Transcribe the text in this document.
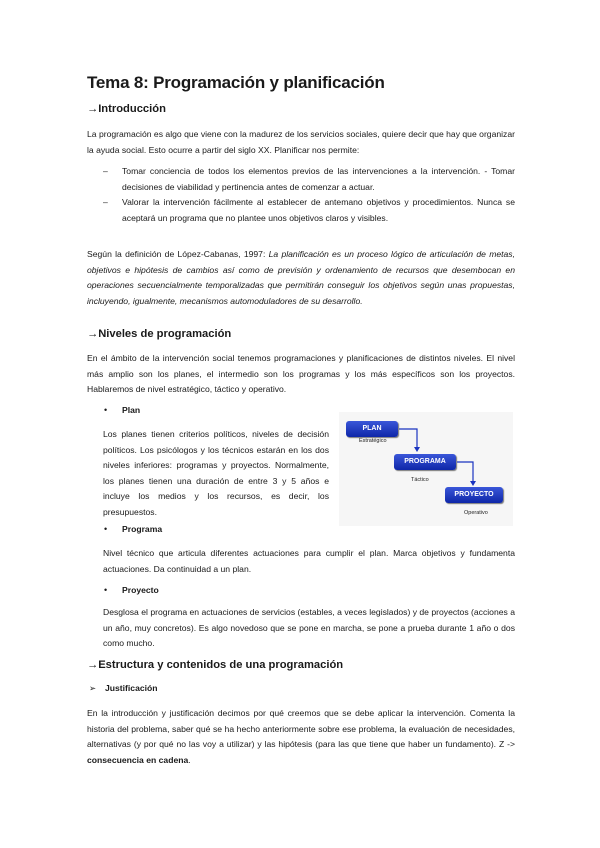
Tema 8: Programación y planificación
→Introducción
La programación es algo que viene con la madurez de los servicios sociales, quiere decir que hay que organizar la ayuda social. Esto ocurre a partir del siglo XX. Planificar nos permite:
– Tomar conciencia de todos los elementos previos de las intervenciones a la intervención. - Tomar decisiones de viabilidad y pertinencia antes de comenzar a actuar.
– Valorar la intervención fácilmente al establecer de antemano objetivos y procedimientos. Nunca se aceptará un programa que no plantee unos objetivos claros y visibles.
Según la definición de López-Cabanas, 1997: La planificación es un proceso lógico de articulación de metas, objetivos e hipótesis de cambios así como de previsión y ordenamiento de recursos que desembocan en operaciones secuencialmente temporalizadas que permitirán conseguir los objetivos según unas propuestas, incluyendo, igualmente, mecanismos automoduladores de su desarrollo.
→Niveles de programación
En el ámbito de la intervención social tenemos programaciones y planificaciones de distintos niveles. El nivel más amplio son los planes, el intermedio son los programas y los más específicos son los proyectos. Hablaremos de nivel estratégico, táctico y operativo.
• Plan
Los planes tienen criterios políticos, niveles de decisión políticos. Los psicólogos y los técnicos estarán en los dos niveles inferiores: programas y proyectos. Normalmente, los planes tienen una duración de entre 3 y 5 años e incluye los medios y los recursos, es decir, los presupuestos.
PLAN
Estratégico
PROGRAMA
Táctico
PROYECTO
Operativo
• Programa
Nivel técnico que articula diferentes actuaciones para cumplir el plan. Marca objetivos y fundamenta actuaciones. Da continuidad a un plan.
• Proyecto
Desglosa el programa en actuaciones de servicios (estables, a veces legislados) y de proyectos (acciones a un año, muy concretos). Es algo novedoso que se pone en marcha, se pone a prueba durante 1 año o dos como mucho.
→Estructura y contenidos de una programación
➢ Justificación
En la introducción y justificación decimos por qué creemos que se debe aplicar la intervención. Comenta la historia del problema, saber qué se ha hecho anteriormente sobre ese problema, la evaluación de necesidades, alternativas (y por qué no las voy a utilizar) y las hipótesis (para las que tiene que haber un fundamento). Z -> consecuencia en cadena.
